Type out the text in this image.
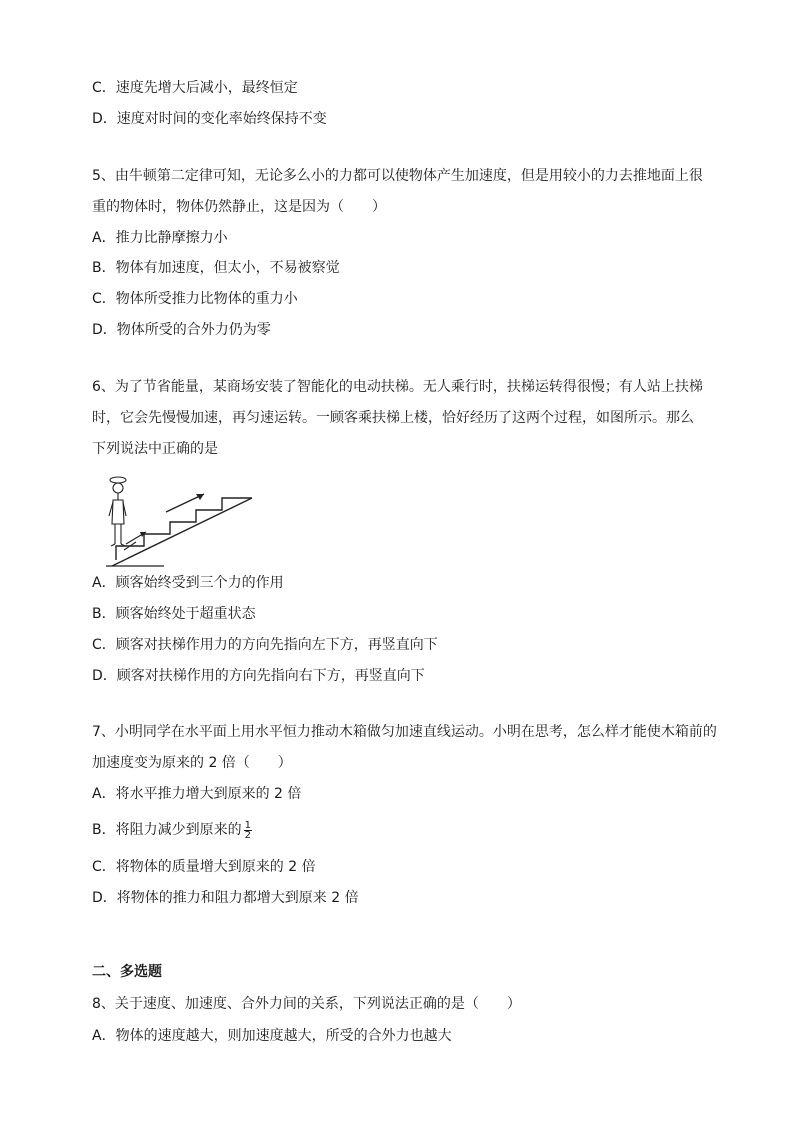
C．速度先增大后减小，最终恒定
D．速度对时间的变化率始终保持不变
5、由牛顿第二定律可知，无论多么小的力都可以使物体产生加速度，但是用较小的力去推地面上很
重的物体时，物体仍然静止，这是因为（　　）
A．推力比静摩擦力小
B．物体有加速度，但太小，不易被察觉
C．物体所受推力比物体的重力小
D．物体所受的合外力仍为零
6、为了节省能量，某商场安装了智能化的电动扶梯。无人乘行时，扶梯运转得很慢；有人站上扶梯
时，它会先慢慢加速，再匀速运转。一顾客乘扶梯上楼，恰好经历了这两个过程，如图所示。那么
下列说法中正确的是
A．顾客始终受到三个力的作用
B．顾客始终处于超重状态
C．顾客对扶梯作用力的方向先指向左下方，再竖直向下
D．顾客对扶梯作用的方向先指向右下方，再竖直向下
7、小明同学在水平面上用水平恒力推动木箱做匀加速直线运动。小明在思考，怎么样才能使木箱前的
加速度变为原来的 2 倍（　　）
A．将水平推力增大到原来的 2 倍
B．将阻力减少到原来的 $\frac{1}{2}$
C．将物体的质量增大到原来的 2 倍
D．将物体的推力和阻力都增大到原来 2 倍
二、多选题
8、关于速度、加速度、合外力间的关系，下列说法正确的是（　　）
A．物体的速度越大，则加速度越大，所受的合外力也越大
